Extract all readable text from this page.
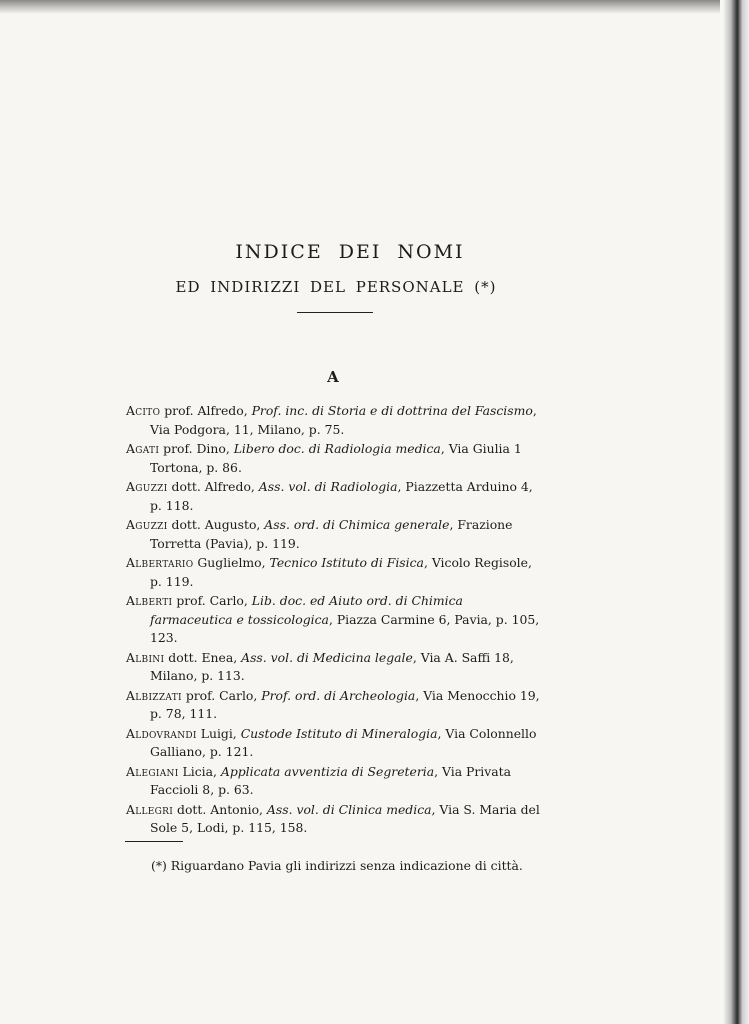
INDICE DEI NOMI
ED INDIRIZZI DEL PERSONALE (*)
A
Acito prof. Alfredo, Prof. inc. di Storia e di dottrina del Fascismo, Via Podgora, 11, Milano, p. 75.
Agati prof. Dino, Libero doc. di Radiologia medica, Via Giulia 1 Tortona, p. 86.
Aguzzi dott. Alfredo, Ass. vol. di Radiologia, Piazzetta Arduino 4, p. 118.
Aguzzi dott. Augusto, Ass. ord. di Chimica generale, Frazione Torretta (Pavia), p. 119.
Albertario Guglielmo, Tecnico Istituto di Fisica, Vicolo Regisole, p. 119.
Alberti prof. Carlo, Lib. doc. ed Aiuto ord. di Chimica farmaceutica e tossicologica, Piazza Carmine 6, Pavia, p. 105, 123.
Albini dott. Enea, Ass. vol. di Medicina legale, Via A. Saffi 18, Milano, p. 113.
Albizzati prof. Carlo, Prof. ord. di Archeologia, Via Menocchio 19, p. 78, 111.
Aldovrandi Luigi, Custode Istituto di Mineralogia, Via Colonnello Galliano, p. 121.
Alegiani Licia, Applicata avventizia di Segreteria, Via Privata Faccioli 8, p. 63.
Allegri dott. Antonio, Ass. vol. di Clinica medica, Via S. Maria del Sole 5, Lodi, p. 115, 158.
(*) Riguardano Pavia gli indirizzi senza indicazione di città.
